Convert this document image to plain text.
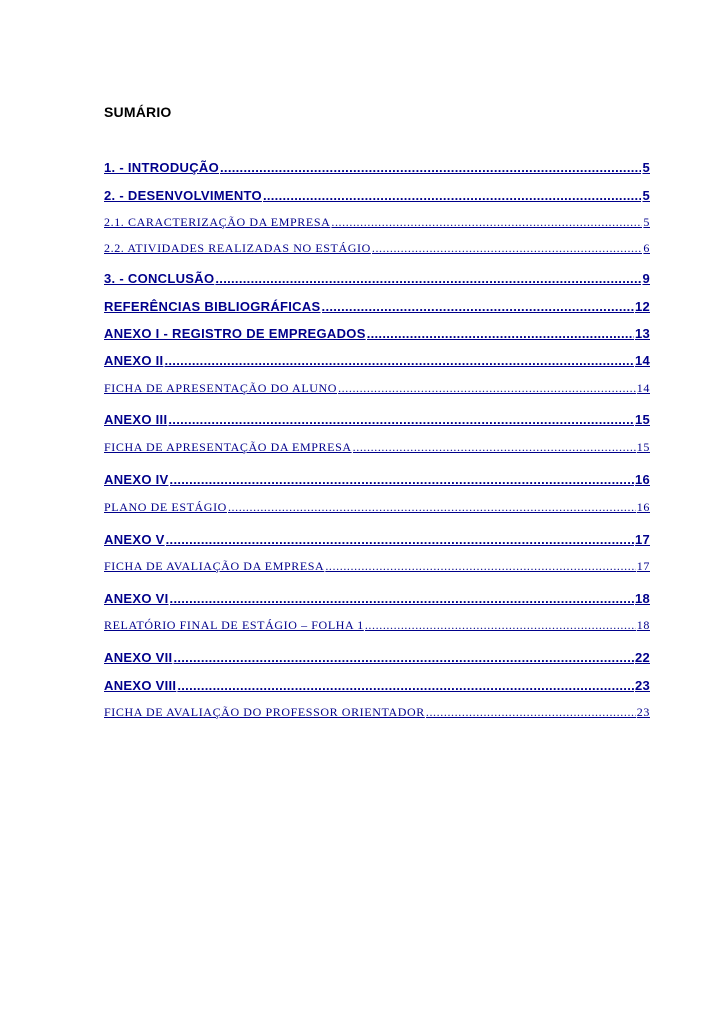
SUMÁRIO
1. - INTRODUÇÃO .....	5
2. - DESENVOLVIMENTO .....	5
2.1. CARACTERIZAÇÃO DA EMPRESA .....	5
2.2. ATIVIDADES REALIZADAS NO ESTÁGIO .....	6
3. - CONCLUSÃO .....	9
REFERÊNCIAS BIBLIOGRÁFICAS .....	12
ANEXO I - REGISTRO DE EMPREGADOS .....	13
ANEXO II .....	14
FICHA DE APRESENTAÇÃO DO ALUNO .....	14
ANEXO III .....	15
FICHA DE APRESENTAÇÃO DA EMPRESA .....	15
ANEXO IV .....	16
PLANO DE ESTÁGIO .....	16
ANEXO V .....	17
FICHA DE AVALIAÇÃO DA EMPRESA .....	17
ANEXO VI .....	18
RELATÓRIO FINAL DE ESTÁGIO – FOLHA 1 .....	18
ANEXO VII .....	22
ANEXO VIII .....	23
FICHA DE AVALIAÇÃO DO PROFESSOR ORIENTADOR .....	23
